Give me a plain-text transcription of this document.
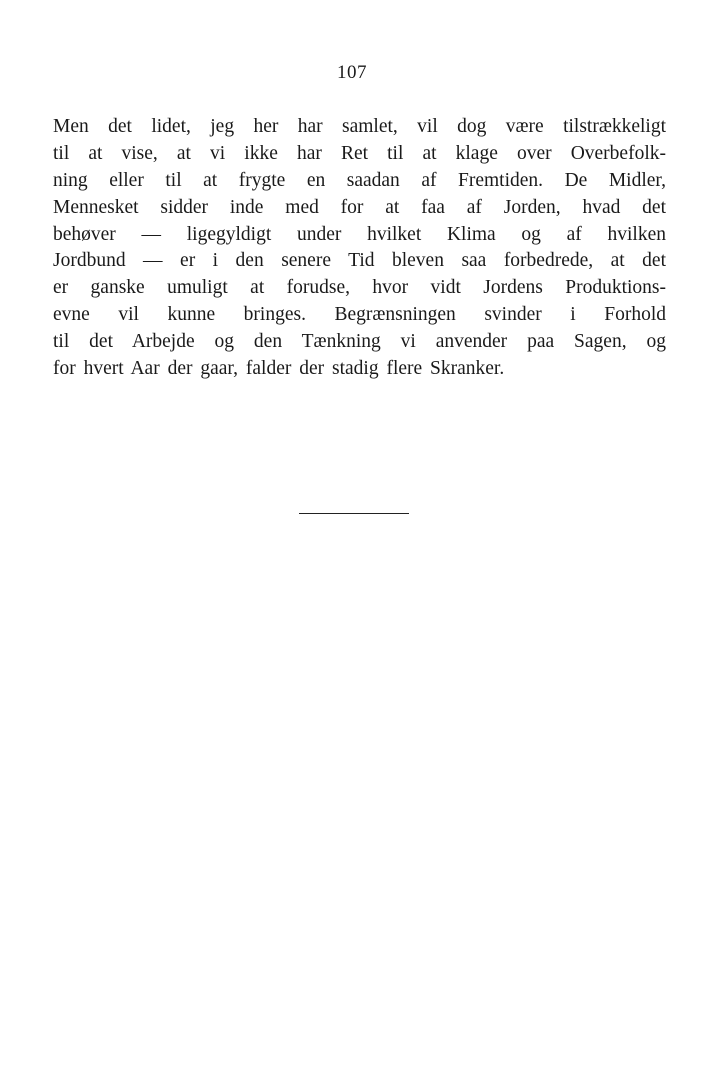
107
Men det lidet, jeg her har samlet, vil dog være tilstrækkeligt
til at vise, at vi ikke har Ret til at klage over Overbefolk-
ning eller til at frygte en saadan af Fremtiden. De Midler,
Mennesket sidder inde med for at faa af Jorden, hvad det
behøver — ligegyldigt under hvilket Klima og af hvilken
Jordbund — er i den senere Tid bleven saa forbedrede, at det
er ganske umuligt at forudse, hvor vidt Jordens Produktions-
evne vil kunne bringes. Begrænsningen svinder i Forhold
til det Arbejde og den Tænkning vi anvender paa Sagen, og
for hvert Aar der gaar, falder der stadig flere Skranker.
